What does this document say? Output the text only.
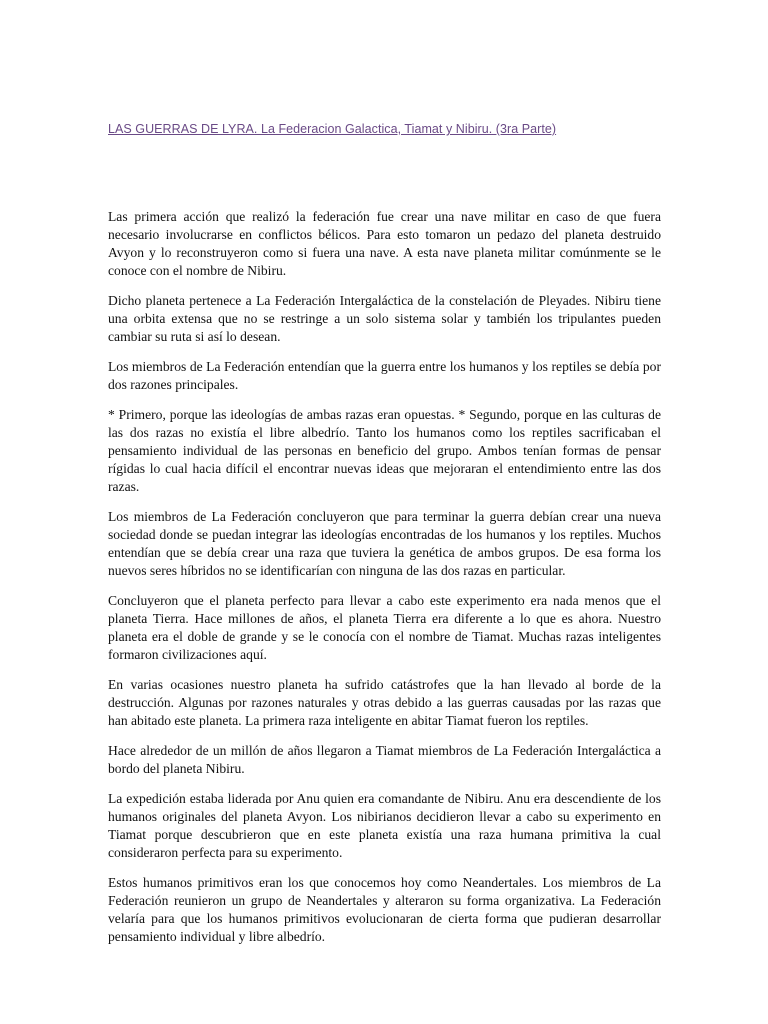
LAS GUERRAS DE LYRA. La Federacion Galactica, Tiamat y Nibiru. (3ra Parte)

Las primera acción que realizó la federación fue crear una nave militar en caso de que fuera necesario involucrarse en conflictos bélicos. Para esto tomaron un pedazo del planeta destruido Avyon y lo reconstruyeron como si fuera una nave. A esta nave planeta militar comúnmente se le conoce con el nombre de Nibiru.

Dicho planeta pertenece a La Federación Intergaláctica de la constelación de Pleyades. Nibiru tiene una orbita extensa que no se restringe a un solo sistema solar y también los tripulantes pueden cambiar su ruta si así lo desean.

Los miembros de La Federación entendían que la guerra entre los humanos y los reptiles se debía por dos razones principales.

* Primero, porque las ideologías de ambas razas eran opuestas. * Segundo, porque en las culturas de las dos razas no existía el libre albedrío. Tanto los humanos como los reptiles sacrificaban el pensamiento individual de las personas en beneficio del grupo. Ambos tenían formas de pensar rígidas lo cual hacia difícil el encontrar nuevas ideas que mejoraran el entendimiento entre las dos razas.

Los miembros de La Federación concluyeron que para terminar la guerra debían crear una nueva sociedad donde se puedan integrar las ideologías encontradas de los humanos y los reptiles. Muchos entendían que se debía crear una raza que tuviera la genética de ambos grupos. De esa forma los nuevos seres híbridos no se identificarían con ninguna de las dos razas en particular.

Concluyeron que el planeta perfecto para llevar a cabo este experimento era nada menos que el planeta Tierra. Hace millones de años, el planeta Tierra era diferente a lo que es ahora. Nuestro planeta era el doble de grande y se le conocía con el nombre de Tiamat. Muchas razas inteligentes formaron civilizaciones aquí.

En varias ocasiones nuestro planeta ha sufrido catástrofes que la han llevado al borde de la destrucción. Algunas por razones naturales y otras debido a las guerras causadas por las razas que han abitado este planeta. La primera raza inteligente en abitar Tiamat fueron los reptiles.

Hace alrededor de un millón de años llegaron a Tiamat miembros de La Federación Intergaláctica a bordo del planeta Nibiru.

La expedición estaba liderada por Anu quien era comandante de Nibiru. Anu era descendiente de los humanos originales del planeta Avyon. Los nibirianos decidieron llevar a cabo su experimento en Tiamat porque descubrieron que en este planeta existía una raza humana primitiva la cual consideraron perfecta para su experimento.

Estos humanos primitivos eran los que conocemos hoy como Neandertales. Los miembros de La Federación reunieron un grupo de Neandertales y alteraron su forma organizativa. La Federación velaría para que los humanos primitivos evolucionaran de cierta forma que pudieran desarrollar pensamiento individual y libre albedrío.
